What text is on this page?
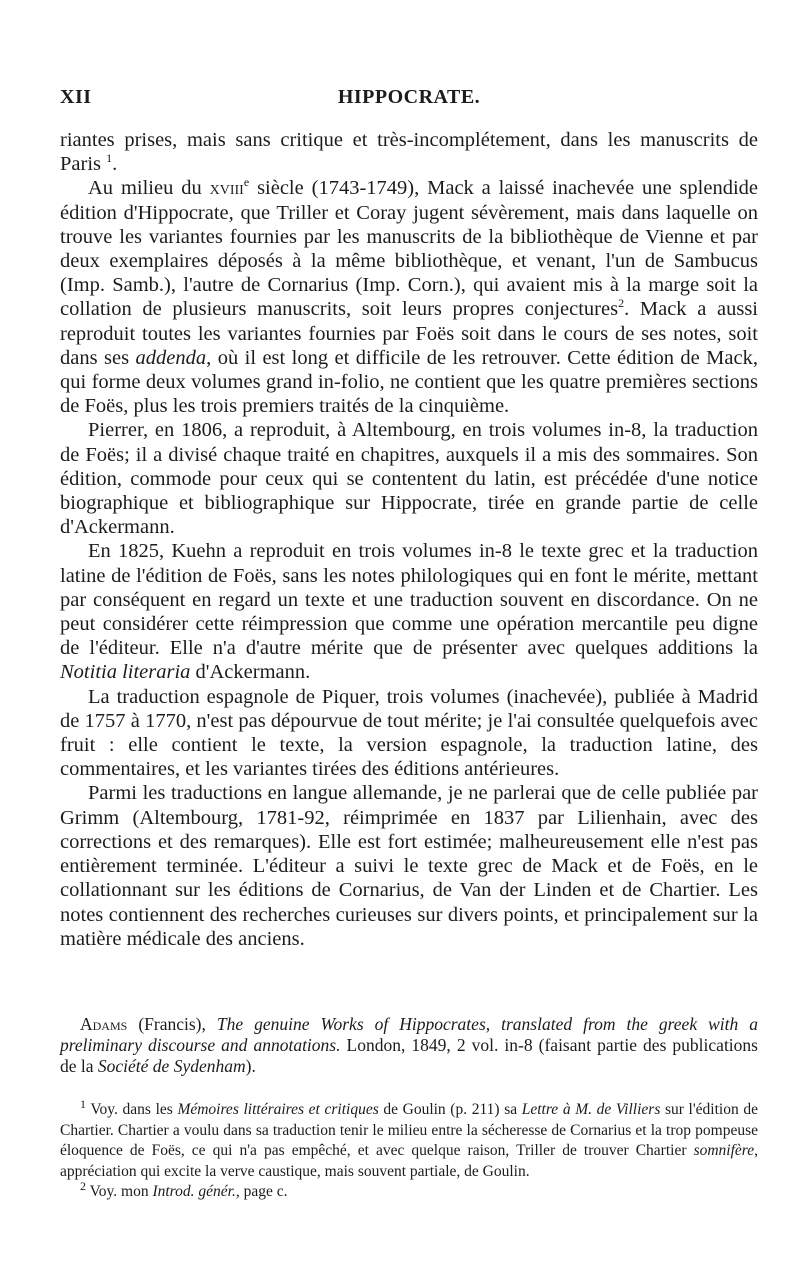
XII	HIPPOCRATE.

riantes prises, mais sans critique et très-incomplétement, dans les manuscrits de Paris $^1$.

Au milieu du xviii$^e$ siècle (1743-1749), Mack a laissé inachevée une splendide édition d'Hippocrate, que Triller et Coray jugent sévèrement, mais dans laquelle on trouve les variantes fournies par les manuscrits de la bibliothèque de Vienne et par deux exemplaires déposés à la même bibliothèque, et venant, l'un de Sambucus (Imp. Samb.), l'autre de Cornarius (Imp. Corn.), qui avaient mis à la marge soit la collation de plusieurs manuscrits, soit leurs propres conjectures$^2$. Mack a aussi reproduit toutes les variantes fournies par Foës soit dans le cours de ses notes, soit dans ses addenda, où il est long et difficile de les retrouver. Cette édition de Mack, qui forme deux volumes grand in-folio, ne contient que les quatre premières sections de Foës, plus les trois premiers traités de la cinquième.

Pierrer, en 1806, a reproduit, à Altembourg, en trois volumes in-8, la traduction de Foës; il a divisé chaque traité en chapitres, auxquels il a mis des sommaires. Son édition, commode pour ceux qui se contentent du latin, est précédée d'une notice biographique et bibliographique sur Hippocrate, tirée en grande partie de celle d'Ackermann.

En 1825, Kuehn a reproduit en trois volumes in-8 le texte grec et la traduction latine de l'édition de Foës, sans les notes philologiques qui en font le mérite, mettant par conséquent en regard un texte et une traduction souvent en discordance. On ne peut considérer cette réimpression que comme une opération mercantile peu digne de l'éditeur. Elle n'a d'autre mérite que de présenter avec quelques additions la Notitia literaria d'Ackermann.

La traduction espagnole de Piquer, trois volumes (inachevée), publiée à Madrid de 1757 à 1770, n'est pas dépourvue de tout mérite; je l'ai consultée quelquefois avec fruit : elle contient le texte, la version espagnole, la traduction latine, des commentaires, et les variantes tirées des éditions antérieures.

Parmi les traductions en langue allemande, je ne parlerai que de celle publiée par Grimm (Altembourg, 1781-92, réimprimée en 1837 par Lilienhain, avec des corrections et des remarques). Elle est fort estimée; malheureusement elle n'est pas entièrement terminée. L'éditeur a suivi le texte grec de Mack et de Foës, en le collationnant sur les éditions de Cornarius, de Van der Linden et de Chartier. Les notes contiennent des recherches curieuses sur divers points, et principalement sur la matière médicale des anciens.

Adams (Francis), The genuine Works of Hippocrates, translated from the greek with a preliminary discourse and annotations. London, 1849, 2 vol. in-8 (faisant partie des publications de la Société de Sydenham).

$^1$ Voy. dans les Mémoires littéraires et critiques de Goulin (p. 211) sa Lettre à M. de Villiers sur l'édition de Chartier. Chartier a voulu dans sa traduction tenir le milieu entre la sécheresse de Cornarius et la trop pompeuse éloquence de Foës, ce qui n'a pas empêché, et avec quelque raison, Triller de trouver Chartier somnifère, appréciation qui excite la verve caustique, mais souvent partiale, de Goulin.

$^2$ Voy. mon Introd. génér., page c.
